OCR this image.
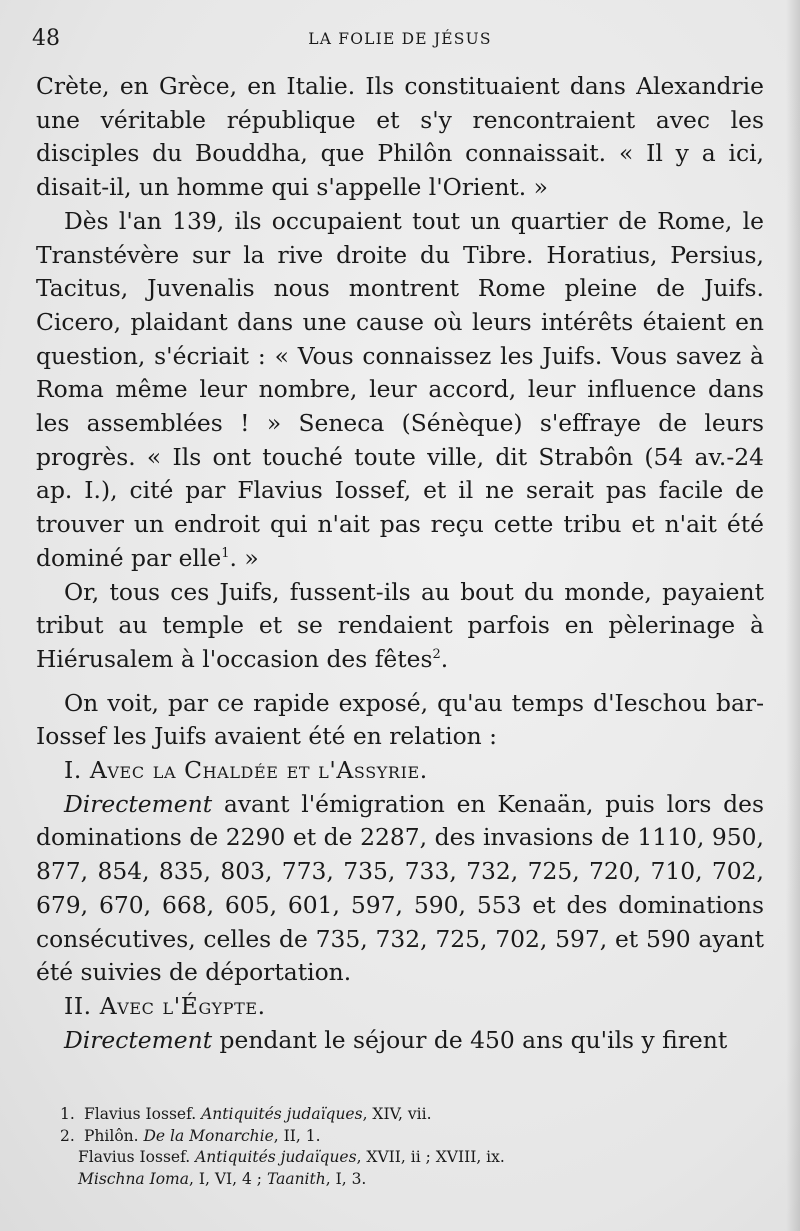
48	LA FOLIE DE JÉSUS

Crète, en Grèce, en Italie. Ils constituaient dans Alexandrie une véritable république et s'y rencontraient avec les disciples du Bouddha, que Philôn connaissait. « Il y a ici, disait-il, un homme qui s'appelle l'Orient. »

Dès l'an 139, ils occupaient tout un quartier de Rome, le Transtévère sur la rive droite du Tibre. Horatius, Persius, Tacitus, Juvenalis nous montrent Rome pleine de Juifs. Cicero, plaidant dans une cause où leurs intérêts étaient en question, s'écriait : « Vous connaissez les Juifs. Vous savez à Roma même leur nombre, leur accord, leur influence dans les assemblées ! » Seneca (Sénèque) s'effraye de leurs progrès. « Ils ont touché toute ville, dit Strabôn (54 av.-24 ap. I.), cité par Flavius Iossef, et il ne serait pas facile de trouver un endroit qui n'ait pas reçu cette tribu et n'ait été dominé par elle$^1$. »

Or, tous ces Juifs, fussent-ils au bout du monde, payaient tribut au temple et se rendaient parfois en pèlerinage à Hiérusalem à l'occasion des fêtes$^2$.

On voit, par ce rapide exposé, qu'au temps d'Ieschou bar-Iossef les Juifs avaient été en relation :

I. Avec la Chaldée et l'Assyrie.

Directement avant l'émigration en Kenaän, puis lors des dominations de 2290 et de 2287, des invasions de 1110, 950, 877, 854, 835, 803, 773, 735, 733, 732, 725, 720, 710, 702, 679, 670, 668, 605, 601, 597, 590, 553 et des dominations consécutives, celles de 735, 732, 725, 702, 597, et 590 ayant été suivies de déportation.

II. Avec l'Égypte.

Directement pendant le séjour de 450 ans qu'ils y firent

1. Flavius Iossef. Antiquités judaïques, XIV, vii.
2. Philôn. De la Monarchie, II, 1.
Flavius Iossef. Antiquités judaïques, XVII, ii ; XVIII, ix.
Mischna Ioma, I, VI, 4 ; Taanith, I, 3.
